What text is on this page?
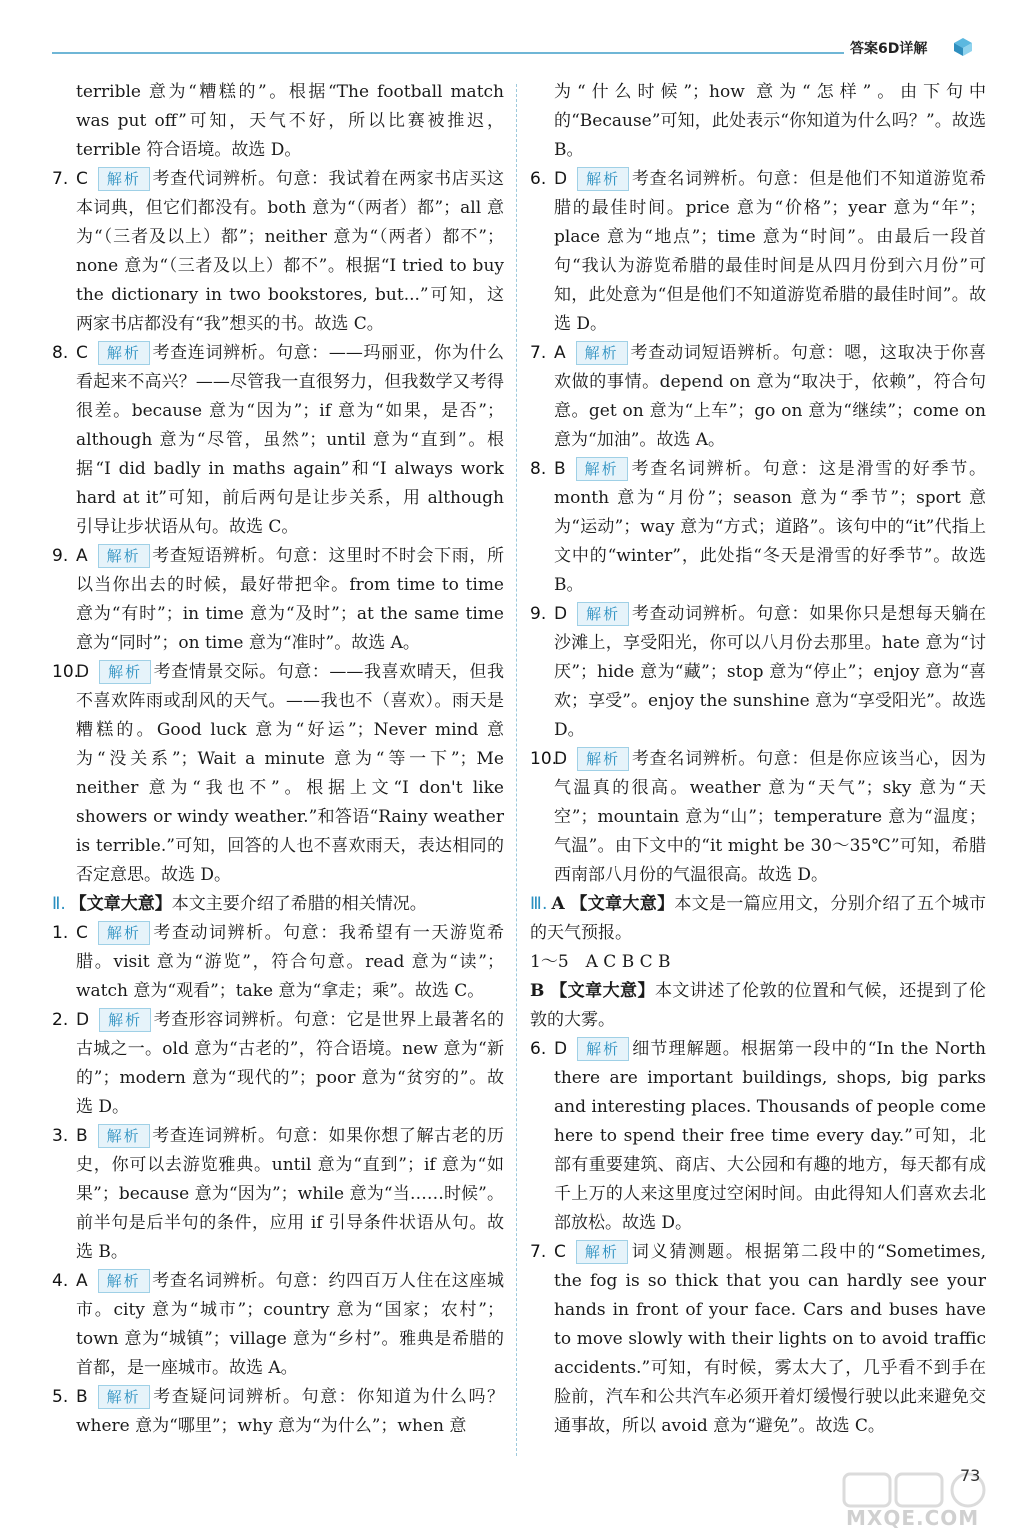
答案6D详解
terrible 意为“糟糕的”。根据“The football match was put off”可知，天气不好，所以比赛被推迟，terrible 符合语境。故选 D。
7. C 解析 考查代词辨析。句意：我试着在两家书店买这本词典，但它们都没有。both 意为“（两者）都”；all 意为“（三者及以上）都”；neither 意为“（两者）都不”；none 意为“（三者及以上）都不”。根据“I tried to buy the dictionary in two bookstores, but...”可知，这两家书店都没有“我”想买的书。故选 C。
8. C 解析 考查连词辨析。句意：——玛丽亚，你为什么看起来不高兴？——尽管我一直很努力，但我数学又考得很差。because 意为“因为”；if 意为“如果，是否”；although 意为“尽管，虽然”；until 意为“直到”。根据“I did badly in maths again”和“I always work hard at it”可知，前后两句是让步关系，用 although 引导让步状语从句。故选 C。
9. A 解析 考查短语辨析。句意：这里时不时会下雨，所以当你出去的时候，最好带把伞。from time to time 意为“有时”；in time 意为“及时”；at the same time 意为“同时”；on time 意为“准时”。故选 A。
10.
D 解析 考查情景交际。句意：——我喜欢晴天，但我不喜欢阵雨或刮风的天气。——我也不（喜欢）。雨天是糟糕的。Good luck 意为“好运”；Never mind 意为“没关系”；Wait a minute 意为“等一下”；Me neither 意为“我也不”。根据上文“I don't like showers or windy weather.”和答语“Rainy weather is terrible.”可知，回答的人也不喜欢雨天，表达相同的否定意思。故选 D。
Ⅱ. 【文章大意】本文主要介绍了希腊的相关情况。
1. C 解析 考查动词辨析。句意：我希望有一天游览希腊。visit 意为“游览”，符合句意。read 意为“读”；watch 意为“观看”；take 意为“拿走；乘”。故选 C。
2. D 解析 考查形容词辨析。句意：它是世界上最著名的古城之一。old 意为“古老的”，符合语境。new 意为“新的”；modern 意为“现代的”；poor 意为“贫穷的”。故选 D。
3. B 解析 考查连词辨析。句意：如果你想了解古老的历史，你可以去游览雅典。until 意为“直到”；if 意为“如果”；because 意为“因为”；while 意为“当……时候”。前半句是后半句的条件，应用 if 引导条件状语从句。故选 B。
4. A 解析 考查名词辨析。句意：约四百万人住在这座城市。city 意为“城市”；country 意为“国家；农村”；town 意为“城镇”；village 意为“乡村”。雅典是希腊的首都，是一座城市。故选 A。
5. B 解析 考查疑问词辨析。句意：你知道为什么吗？where 意为“哪里”；why 意为“为什么”；when 意
为“什么时候”；how 意为“怎样”。由下句中的“Because”可知，此处表示“你知道为什么吗？”。故选 B。
6. D 解析 考查名词辨析。句意：但是他们不知道游览希腊的最佳时间。price 意为“价格”；year 意为“年”；place 意为“地点”；time 意为“时间”。由最后一段首句“我认为游览希腊的最佳时间是从四月份到六月份”可知，此处意为“但是他们不知道游览希腊的最佳时间”。故选 D。
7. A 解析 考查动词短语辨析。句意：嗯，这取决于你喜欢做的事情。depend on 意为“取决于，依赖”，符合句意。get on 意为“上车”；go on 意为“继续”；come on 意为“加油”。故选 A。
8. B 解析 考查名词辨析。句意：这是滑雪的好季节。month 意为“月份”；season 意为“季节”；sport 意为“运动”；way 意为“方式；道路”。该句中的“it”代指上文中的“winter”，此处指“冬天是滑雪的好季节”。故选 B。
9. D 解析 考查动词辨析。句意：如果你只是想每天躺在沙滩上，享受阳光，你可以八月份去那里。hate 意为“讨厌”；hide 意为“藏”；stop 意为“停止”；enjoy 意为“喜欢；享受”。enjoy the sunshine 意为“享受阳光”。故选 D。
10.
D 解析 考查名词辨析。句意：但是你应该当心，因为气温真的很高。weather 意为“天气”；sky 意为“天空”；mountain 意为“山”；temperature 意为“温度；气温”。由下文中的“it might be 30～35℃”可知，希腊西南部八月份的气温很高。故选 D。
Ⅲ. A 【文章大意】本文是一篇应用文，分别介绍了五个城市的天气预报。
1～5　A C B C B
B 【文章大意】本文讲述了伦敦的位置和气候，还提到了伦敦的大雾。
6. D 解析 细节理解题。根据第一段中的“In the North there are important buildings, shops, big parks and interesting places. Thousands of people come here to spend their free time every day.”可知，北部有重要建筑、商店、大公园和有趣的地方，每天都有成千上万的人来这里度过空闲时间。由此得知人们喜欢去北部放松。故选 D。
7. C 解析 词义猜测题。根据第二段中的“Sometimes, the fog is so thick that you can hardly see your hands in front of your face. Cars and buses have to move slowly with their lights on to avoid traffic accidents.”可知，有时候，雾太大了，几乎看不到手在脸前，汽车和公共汽车必须开着灯缓慢行驶以此来避免交通事故，所以 avoid 意为“避免”。故选 C。
MXQE.COM
73
